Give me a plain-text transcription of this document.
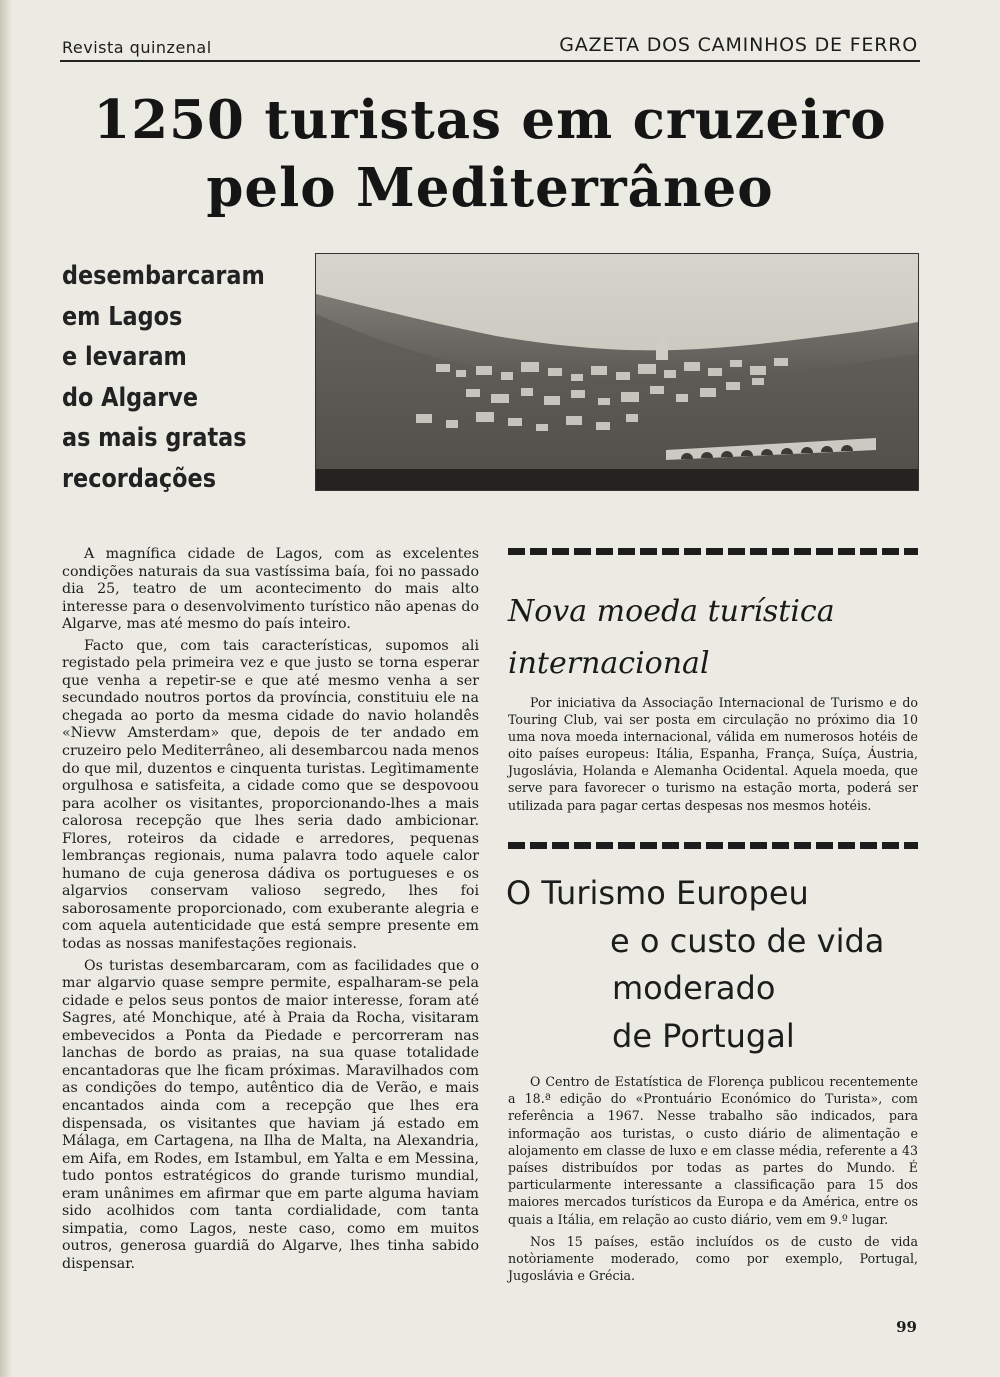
Revista quinzenal	GAZETA DOS CAMINHOS DE FERRO
1250 turistas em cruzeiro
pelo Mediterrâneo
desembarcaram
em Lagos
e levaram
do Algarve
as mais gratas
recordações

A magnífica cidade de Lagos, com as excelentes condições naturais da sua vastíssima baía, foi no passado dia 25, teatro de um acontecimento do mais alto interesse para o desenvolvimento turístico não apenas do Algarve, mas até mesmo do país inteiro.

Facto que, com tais características, supomos ali registado pela primeira vez e que justo se torna esperar que venha a repetir-se e que até mesmo venha a ser secundado noutros portos da província, constituiu ele na chegada ao porto da mesma cidade do navio holandês «Nievw Amsterdam» que, depois de ter andado em cruzeiro pelo Mediterrâneo, ali desembarcou nada menos do que mil, duzentos e cinquenta turistas. Legìtimamente orgulhosa e satisfeita, a cidade como que se despovoou para acolher os visitantes, proporcionando-lhes a mais calorosa recepção que lhes seria dado ambicionar. Flores, roteiros da cidade e arredores, pequenas lembranças regionais, numa palavra todo aquele calor humano de cuja generosa dádiva os portugueses e os algarvios conservam valioso segredo, lhes foi saborosamente proporcionado, com exuberante alegria e com aquela autenticidade que está sempre presente em todas as nossas manifestações regionais.

Os turistas desembarcaram, com as facilidades que o mar algarvio quase sempre permite, espalharam-se pela cidade e pelos seus pontos de maior interesse, foram até Sagres, até Monchique, até à Praia da Rocha, visitaram embevecidos a Ponta da Piedade e percorreram nas lanchas de bordo as praias, na sua quase totalidade encantadoras que lhe ficam próximas. Maravilhados com as condições do tempo, autêntico dia de Verão, e mais encantados ainda com a recepção que lhes era dispensada, os visitantes que haviam já estado em Málaga, em Cartagena, na Ilha de Malta, na Alexandria, em Aifa, em Rodes, em Istambul, em Yalta e em Messina, tudo pontos estratégicos do grande turismo mundial, eram unânimes em afirmar que em parte alguma haviam sido acolhidos com tanta cordialidade, com tanta simpatia, como Lagos, neste caso, como em muitos outros, generosa guardiã do Algarve, lhes tinha sabido dispensar.

Nova moeda turística
internacional

Por iniciativa da Associação Internacional de Turismo e do Touring Club, vai ser posta em circulação no próximo dia 10 uma nova moeda internacional, válida em numerosos hotéis de oito países europeus: Itália, Espanha, França, Suíça, Áustria, Jugoslávia, Holanda e Alemanha Ocidental. Aquela moeda, que serve para favorecer o turismo na estação morta, poderá ser utilizada para pagar certas despesas nos mesmos hotéis.

O Turismo Europeu
e o custo de vida
moderado
de Portugal

O Centro de Estatística de Florença publicou recentemente a 18.ª edição do «Prontuário Económico do Turista», com referência a 1967. Nesse trabalho são indicados, para informação aos turistas, o custo diário de alimentação e alojamento em classe de luxo e em classe média, referente a 43 países distribuídos por todas as partes do Mundo. É particularmente interessante a classificação para 15 dos maiores mercados turísticos da Europa e da América, entre os quais a Itália, em relação ao custo diário, vem em 9.º lugar.

Nos 15 países, estão incluídos os de custo de vida notòriamente moderado, como por exemplo, Portugal, Jugoslávia e Grécia.

99
